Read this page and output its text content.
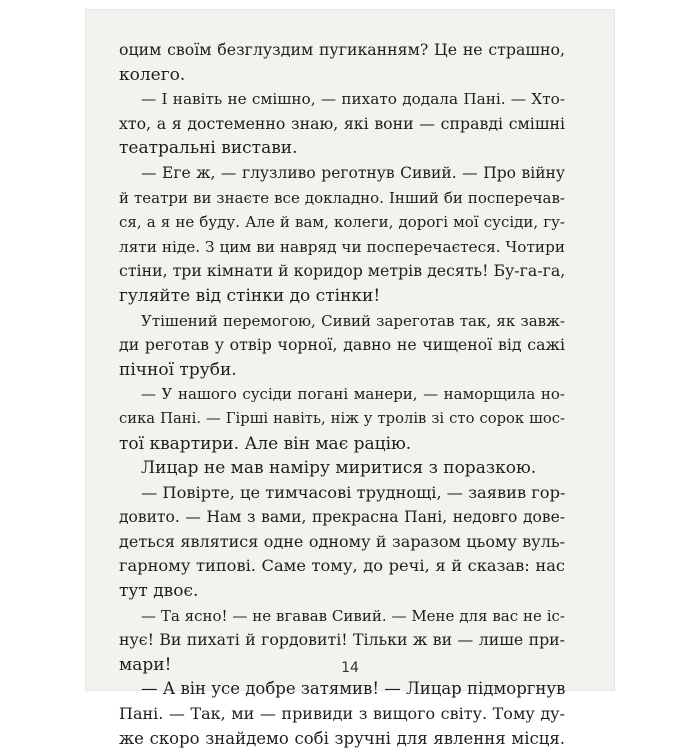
оцим своїм безглуздим пугиканням? Це не страшно,
колего.
— І навіть не смішно, — пихато додала Пані. — Хто-
хто, а я достеменно знаю, які вони — справді смішні
театральні вистави.
— Еге ж, — глузливо реготнув Сивий. — Про війну
й театри ви знаєте все докладно. Інший би посперечав-
ся, а я не буду. Але й вам, колеги, дорогі мої сусіди, гу-
ляти ніде. З цим ви навряд чи посперечаєтеся. Чотири
стіни, три кімнати й коридор метрів десять! Бу-га-га,
гуляйте від стінки до стінки!
Утішений перемогою, Сивий зареготав так, як завж-
ди реготав у отвір чорної, давно не чищеної від сажі
пічної труби.
— У нашого сусіди погані манери, — наморщила но-
сика Пані. — Гірші навіть, ніж у тролів зі сто сорок шос-
тої квартири. Але він має рацію.
Лицар не мав наміру миритися з поразкою.
— Повірте, це тимчасові труднощі, — заявив гор-
довито. — Нам з вами, прекрасна Пані, недовго дове-
деться являтися одне одному й заразом цьому вуль-
гарному типові. Саме тому, до речі, я й сказав: нас
тут двоє.
— Та ясно! — не вгавав Сивий. — Мене для вас не іс-
нує! Ви пихаті й гордовиті! Тільки ж ви — лише при-
мари!
— А він усе добре затямив! — Лицар підморгнув
Пані. — Так, ми — привиди з вищого світу. Тому ду-
же скоро знайдемо собі зручні для явлення місця.
14
